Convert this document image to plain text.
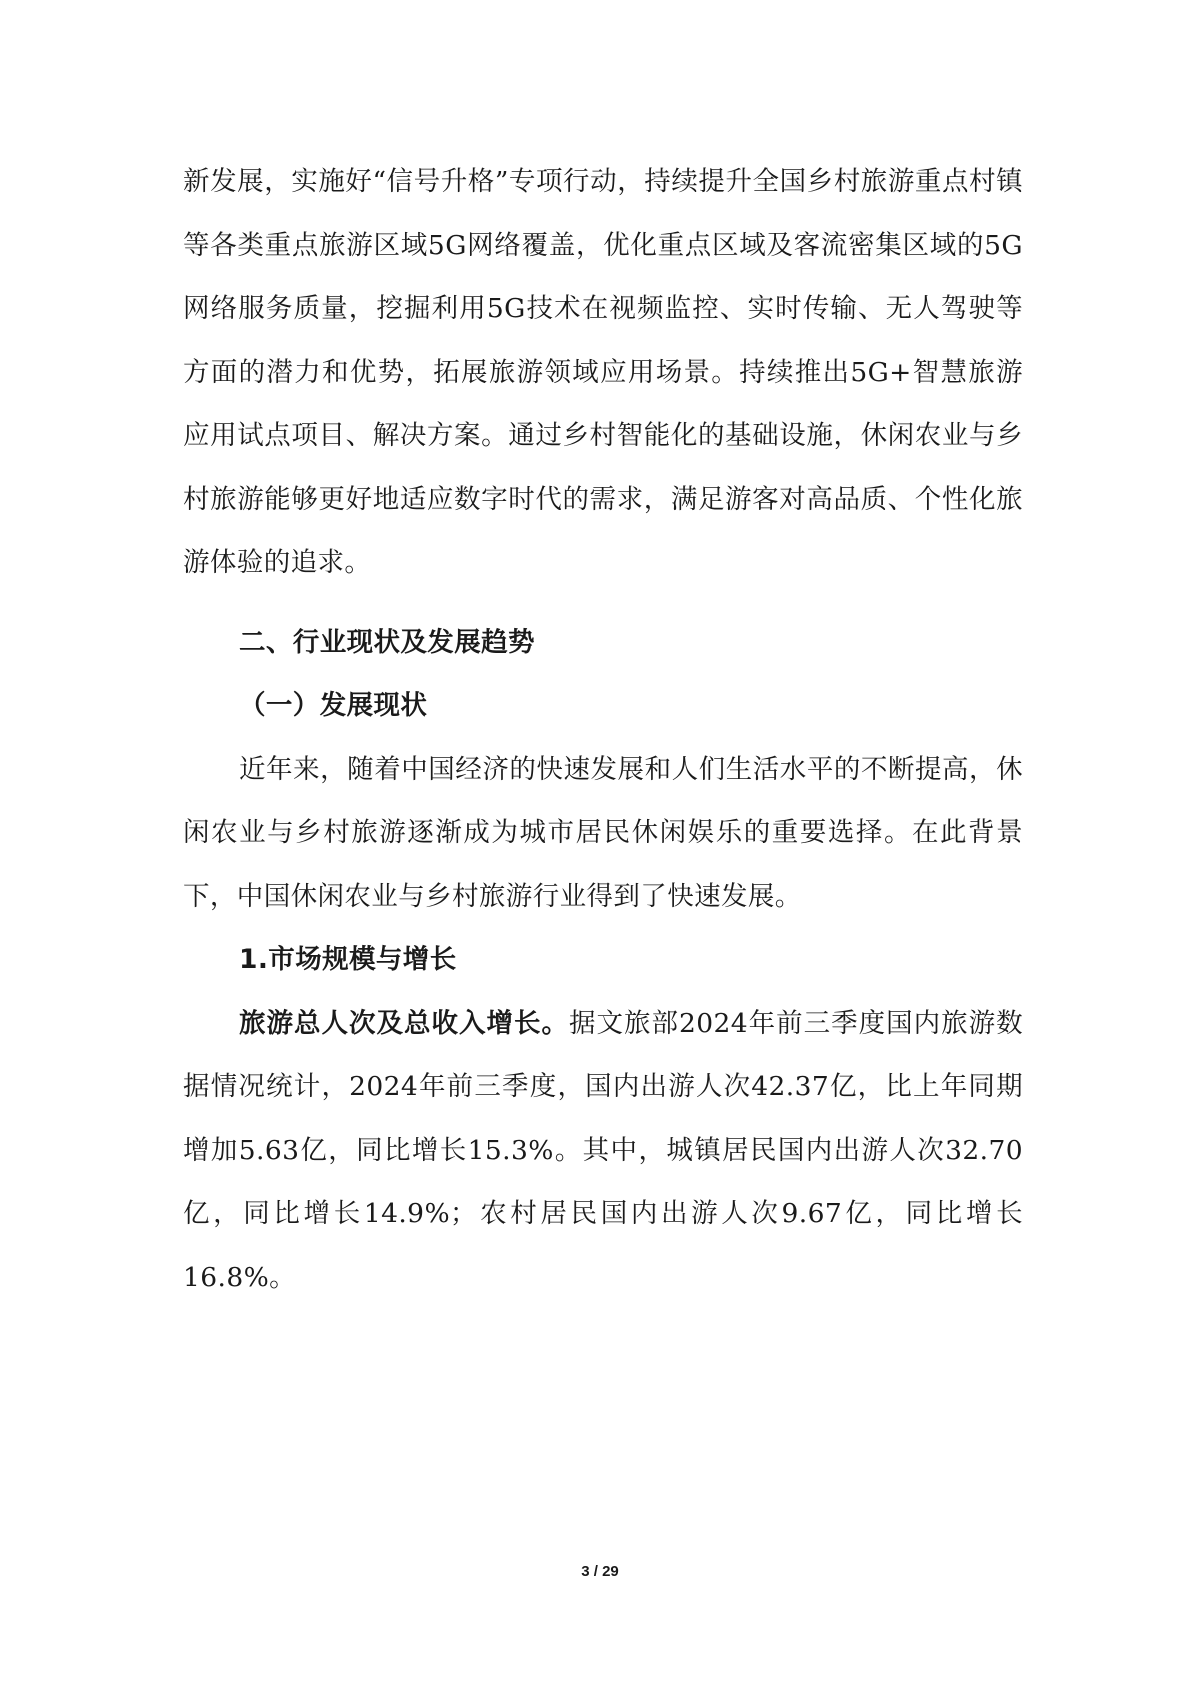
新发展，实施好“信号升格”专项行动，持续提升全国乡村旅游重点村镇等各类重点旅游区域5G网络覆盖，优化重点区域及客流密集区域的5G网络服务质量，挖掘利用5G技术在视频监控、实时传输、无人驾驶等方面的潜力和优势，拓展旅游领域应用场景。持续推出5G+智慧旅游应用试点项目、解决方案。通过乡村智能化的基础设施，休闲农业与乡村旅游能够更好地适应数字时代的需求，满足游客对高品质、个性化旅游体验的追求。

二、行业现状及发展趋势

（一）发展现状

近年来，随着中国经济的快速发展和人们生活水平的不断提高，休闲农业与乡村旅游逐渐成为城市居民休闲娱乐的重要选择。在此背景下，中国休闲农业与乡村旅游行业得到了快速发展。

1.市场规模与增长

旅游总人次及总收入增长。据文旅部2024年前三季度国内旅游数据情况统计，2024年前三季度，国内出游人次42.37亿，比上年同期增加5.63亿，同比增长15.3%。其中，城镇居民国内出游人次32.70亿，同比增长14.9%；农村居民国内出游人次9.67亿，同比增长16.8%。

3 / 29
